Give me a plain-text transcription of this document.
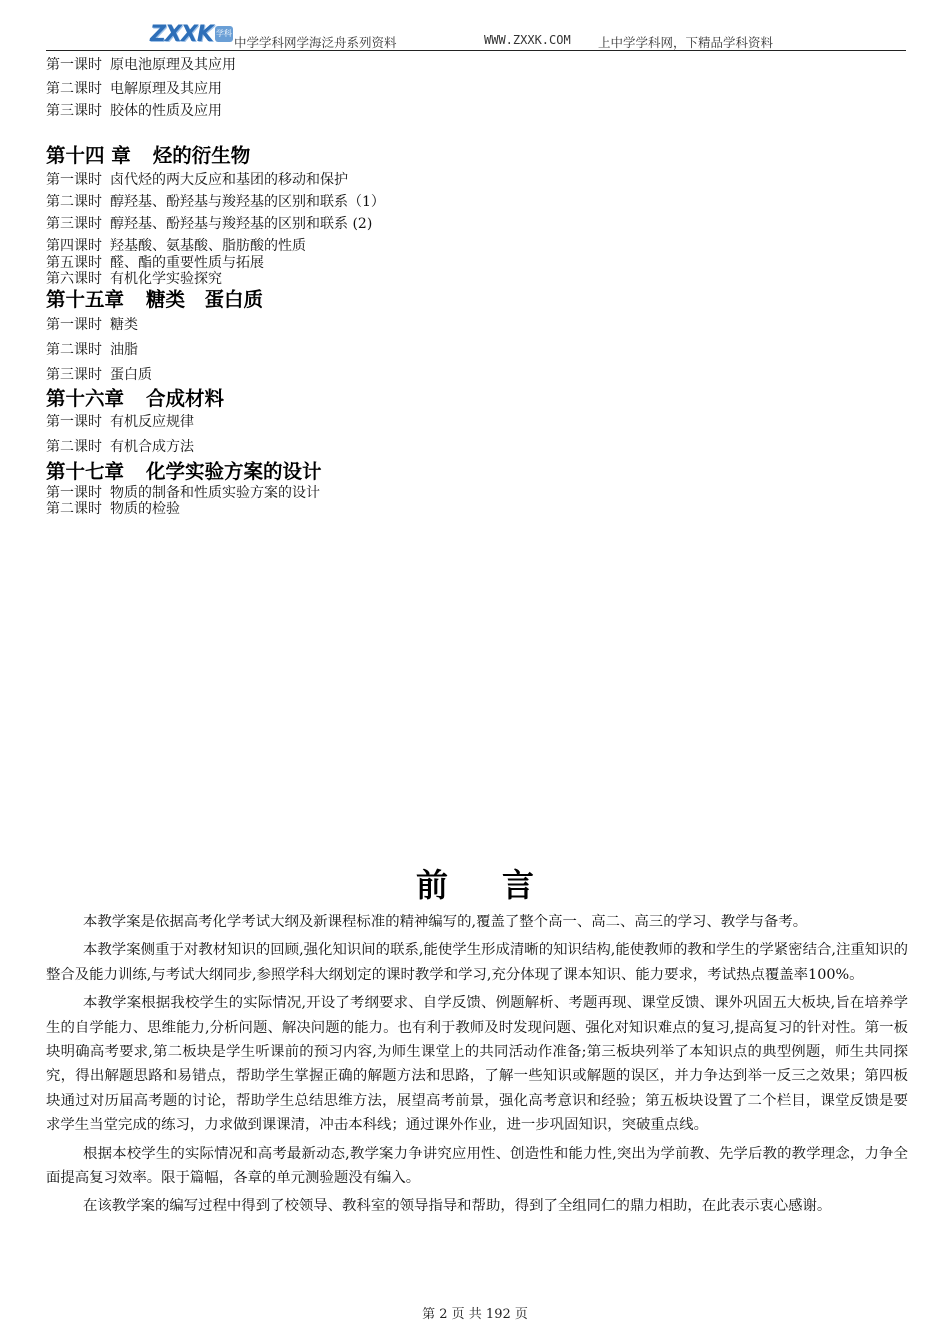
ZXXK 学科
中学学科网学海泛舟系列资料	WWW.ZXXK.COM 上中学学科网，下精品学科资料
第一课时 原电池原理及其应用
第二课时 电解原理及其应用
第三课时 胶体的性质及应用
第十四 章 烃的衍生物
第一课时 卤代烃的两大反应和基团的移动和保护
第二课时 醇羟基、酚羟基与羧羟基的区别和联系（1）
第三课时 醇羟基、酚羟基与羧羟基的区别和联系 (2)
第四课时 羟基酸、氨基酸、脂肪酸的性质
第五课时 醛、酯的重要性质与拓展
第六课时 有机化学实验探究
第十五章 糖类　蛋白质
第一课时 糖类
第二课时 油脂
第三课时 蛋白质
第十六章 合成材料
第一课时 有机反应规律
第二课时 有机合成方法
第十七章 化学实验方案的设计
第一课时 物质的制备和性质实验方案的设计
第二课时 物质的检验
前言

本教学案是依据高考化学考试大纲及新课程标准的精神编写的,覆盖了整个高一、高二、高三的学习、教学与备考。

本教学案侧重于对教材知识的回顾,强化知识间的联系,能使学生形成清晰的知识结构,能使教师的教和学生的学紧密结合,注重知识的整合及能力训练,与考试大纲同步,参照学科大纲划定的课时教学和学习,充分体现了课本知识、能力要求，考试热点覆盖率100%。

本教学案根据我校学生的实际情况,开设了考纲要求、自学反馈、例题解析、考题再现、课堂反馈、课外巩固五大板块,旨在培养学生的自学能力、思维能力,分析问题、解决问题的能力。也有利于教师及时发现问题、强化对知识难点的复习,提高复习的针对性。第一板块明确高考要求,第二板块是学生听课前的预习内容,为师生课堂上的共同活动作准备;第三板块列举了本知识点的典型例题，师生共同探究，得出解题思路和易错点，帮助学生掌握正确的解题方法和思路，了解一些知识或解题的误区，并力争达到举一反三之效果；第四板块通过对历届高考题的讨论，帮助学生总结思维方法，展望高考前景，强化高考意识和经验；第五板块设置了二个栏目，课堂反馈是要求学生当堂完成的练习，力求做到课课清，冲击本科线；通过课外作业，进一步巩固知识，突破重点线。

根据本校学生的实际情况和高考最新动态,教学案力争讲究应用性、创造性和能力性,突出为学前教、先学后教的教学理念，力争全面提高复习效率。限于篇幅，各章的单元测验题没有编入。

在该教学案的编写过程中得到了校领导、教科室的领导指导和帮助，得到了全组同仁的鼎力相助，在此表示衷心感谢。

第 2 页 共 192 页
